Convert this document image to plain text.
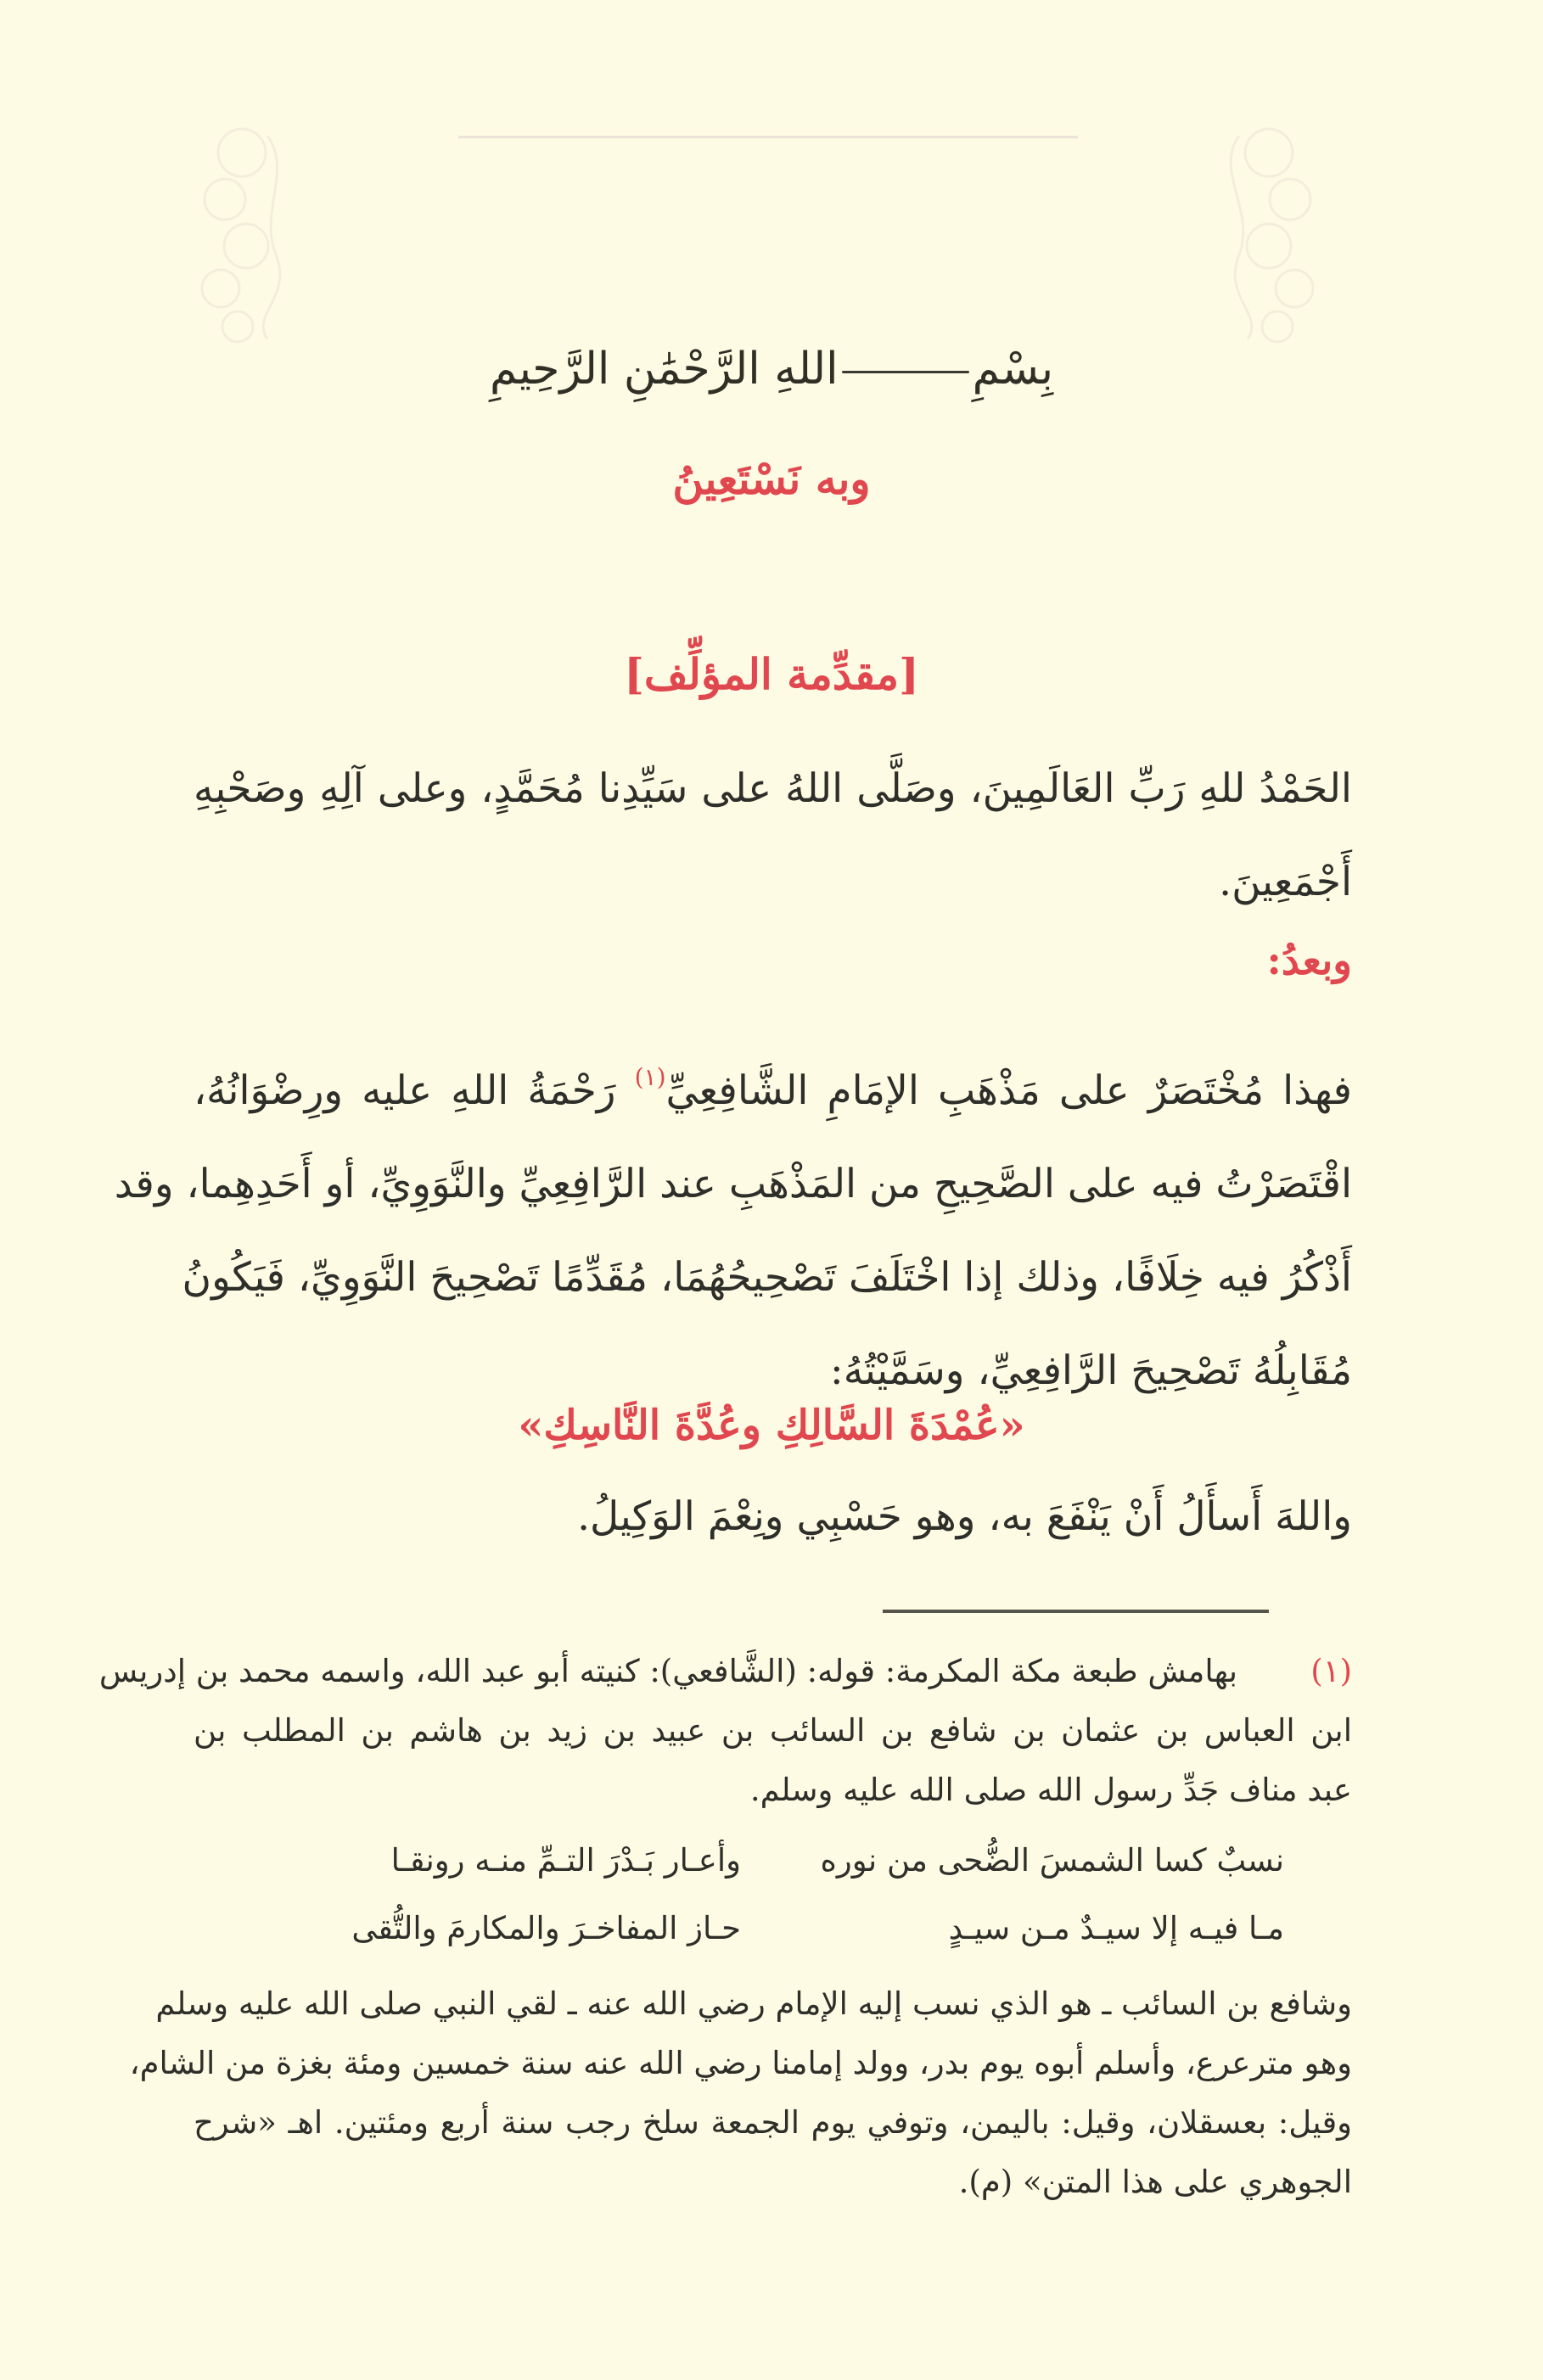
بِسْمِاللهِ الرَّحْمَٰنِ الرَّحِيمِ
وبه نَسْتَعِينُ
[مقدِّمة المؤلِّف]
الحَمْدُ للهِ رَبِّ العَالَمِينَ، وصَلَّى اللهُ على سَيِّدِنا مُحَمَّدٍ، وعلى آلِهِ وصَحْبِهِ
أَجْمَعِينَ.
وبعدُ:
فهذا مُخْتَصَرٌ على مَذْهَبِ الإمَامِ الشَّافِعِيِّ$^{(١)}$ رَحْمَةُ اللهِ عليه ورِضْوَانُهُ،
اقْتَصَرْتُ فيه على الصَّحِيحِ من المَذْهَبِ عند الرَّافِعِيِّ والنَّوَوِيِّ، أو أَحَدِهِما، وقد
أَذْكُرُ فيه خِلَافًا، وذلك إذا اخْتَلَفَ تَصْحِيحُهُمَا، مُقَدِّمًا تَصْحِيحَ النَّوَوِيِّ، فَيَكُونُ
مُقَابِلُهُ تَصْحِيحَ الرَّافِعِيِّ، وسَمَّيْتُهُ:
«عُمْدَةَ السَّالِكِ وعُدَّةَ النَّاسِكِ»
واللهَ أَسأَلُ أَنْ يَنْفَعَ به، وهو حَسْبِي ونِعْمَ الوَكِيلُ.
(١)
بهامش طبعة مكة المكرمة: قوله: (الشَّافعي): كنيته أبو عبد الله، واسمه محمد بن إدريس
ابن العباس بن عثمان بن شافع بن السائب بن عبيد بن زيد بن هاشم بن المطلب بن
عبد مناف جَدِّ رسول الله صلى الله عليه وسلم.
نسبٌ كسا الشمسَ الضُّحى من نوره
وأعـار بَـدْرَ التـمِّ منـه رونقـا
مـا فيـه إلا سيـدٌ مـن سيـدٍ
حـاز المفاخـرَ والمكارمَ والتُّقى
وشافع بن السائب ـ هو الذي نسب إليه الإمام رضي الله عنه ـ لقي النبي صلى الله عليه وسلم
وهو مترعرع، وأسلم أبوه يوم بدر، وولد إمامنا رضي الله عنه سنة خمسين ومئة بغزة من الشام،
وقيل: بعسقلان، وقيل: باليمن، وتوفي يوم الجمعة سلخ رجب سنة أربع ومئتين. اهـ «شرح
الجوهري على هذا المتن» (م).
